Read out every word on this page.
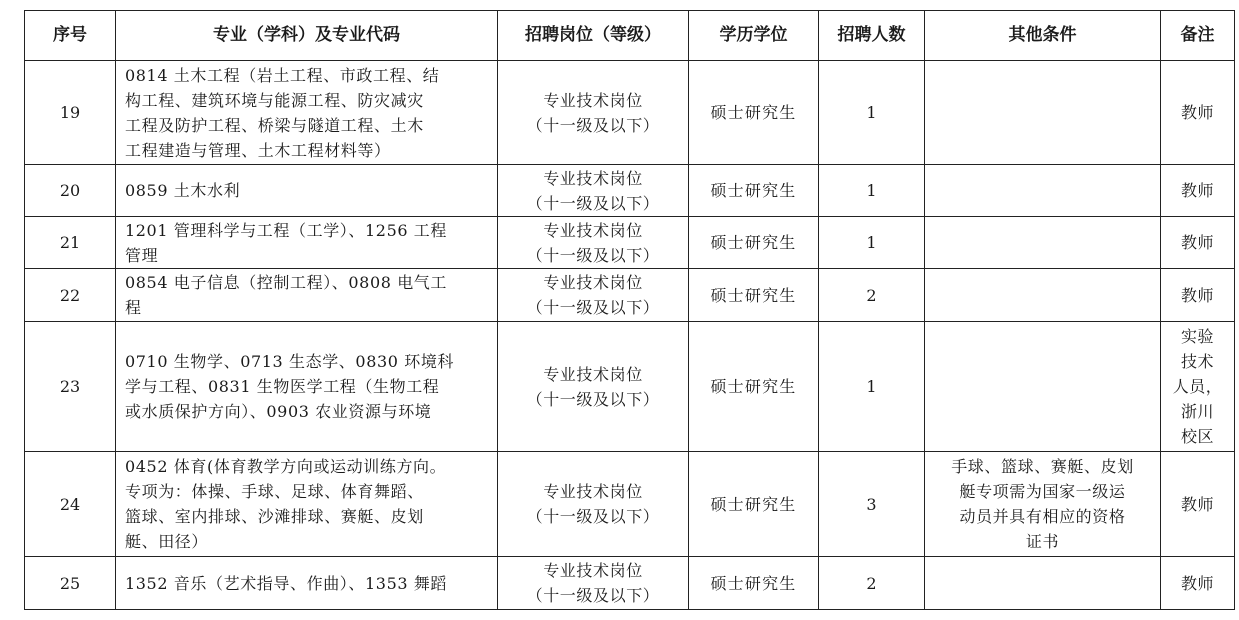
序号	专业（学科）及专业代码	招聘岗位（等级）	学历学位	招聘人数	其他条件	备注
19	0814 土木工程（岩土工程、市政工程、结
构工程、建筑环境与能源工程、防灾减灾
工程及防护工程、桥梁与隧道工程、土木
工程建造与管理、土木工程材料等）	专业技术岗位
（十一级及以下）	硕士研究生	1		教师

20	0859 土木水利	专业技术岗位
（十一级及以下）	硕士研究生	1		教师

21	1201 管理科学与工程（工学）、1256 工程
管理	专业技术岗位
（十一级及以下）	硕士研究生	1		教师

22	0854 电子信息（控制工程）、0808 电气工
程	专业技术岗位
（十一级及以下）	硕士研究生	2		教师

23	0710 生物学、0713 生态学、0830 环境科
学与工程、0831 生物医学工程（生物工程
或水质保护方向）、0903 农业资源与环境	专业技术岗位
（十一级及以下）	硕士研究生	1		实验
技术
人员，
浙川
校区

24	0452 体育(体育教学方向或运动训练方向。
专项为：体操、手球、足球、体育舞蹈、
篮球、室内排球、沙滩排球、赛艇、皮划
艇、田径）	专业技术岗位
（十一级及以下）	硕士研究生	3	手球、篮球、赛艇、皮划
艇专项需为国家一级运
动员并具有相应的资格
证书	教师

25	1352 音乐（艺术指导、作曲）、1353 舞蹈	专业技术岗位
（十一级及以下）	硕士研究生	2		教师
